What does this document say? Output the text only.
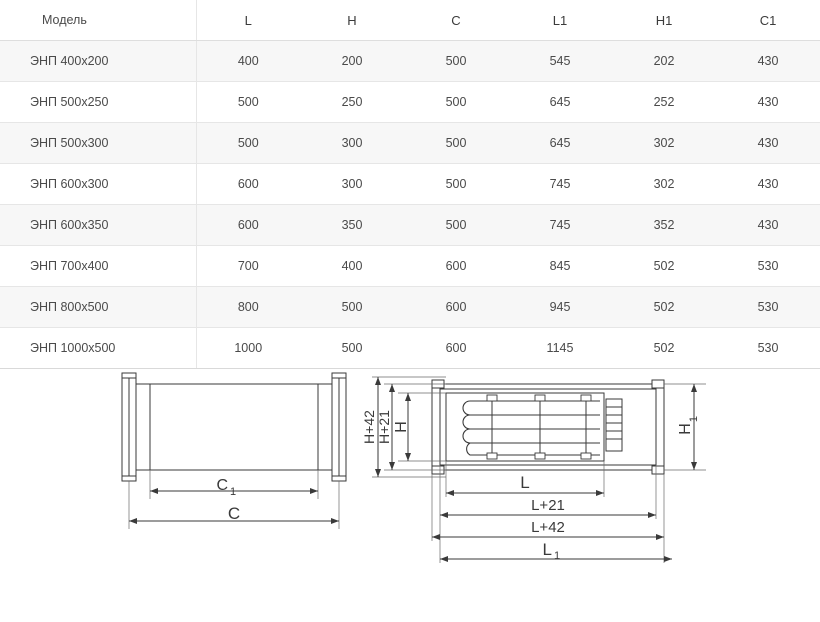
Модель	L	H	C	L1	H1	C1
ЭНП 400х200	400	200	500	545	202	430
ЭНП 500х250	500	250	500	645	252	430
ЭНП 500х300	500	300	500	645	302	430
ЭНП 600х300	600	300	500	745	302	430
ЭНП 600х350	600	350	500	745	352	430
ЭНП 700х400	700	400	600	845	502	530
ЭНП 800х500	800	500	600	945	502	530
ЭНП 1000х500	1000	500	600	1145	502	530
C 1
C
H+42 H+21 H	H
1
L
L+21
L+42
L 1
